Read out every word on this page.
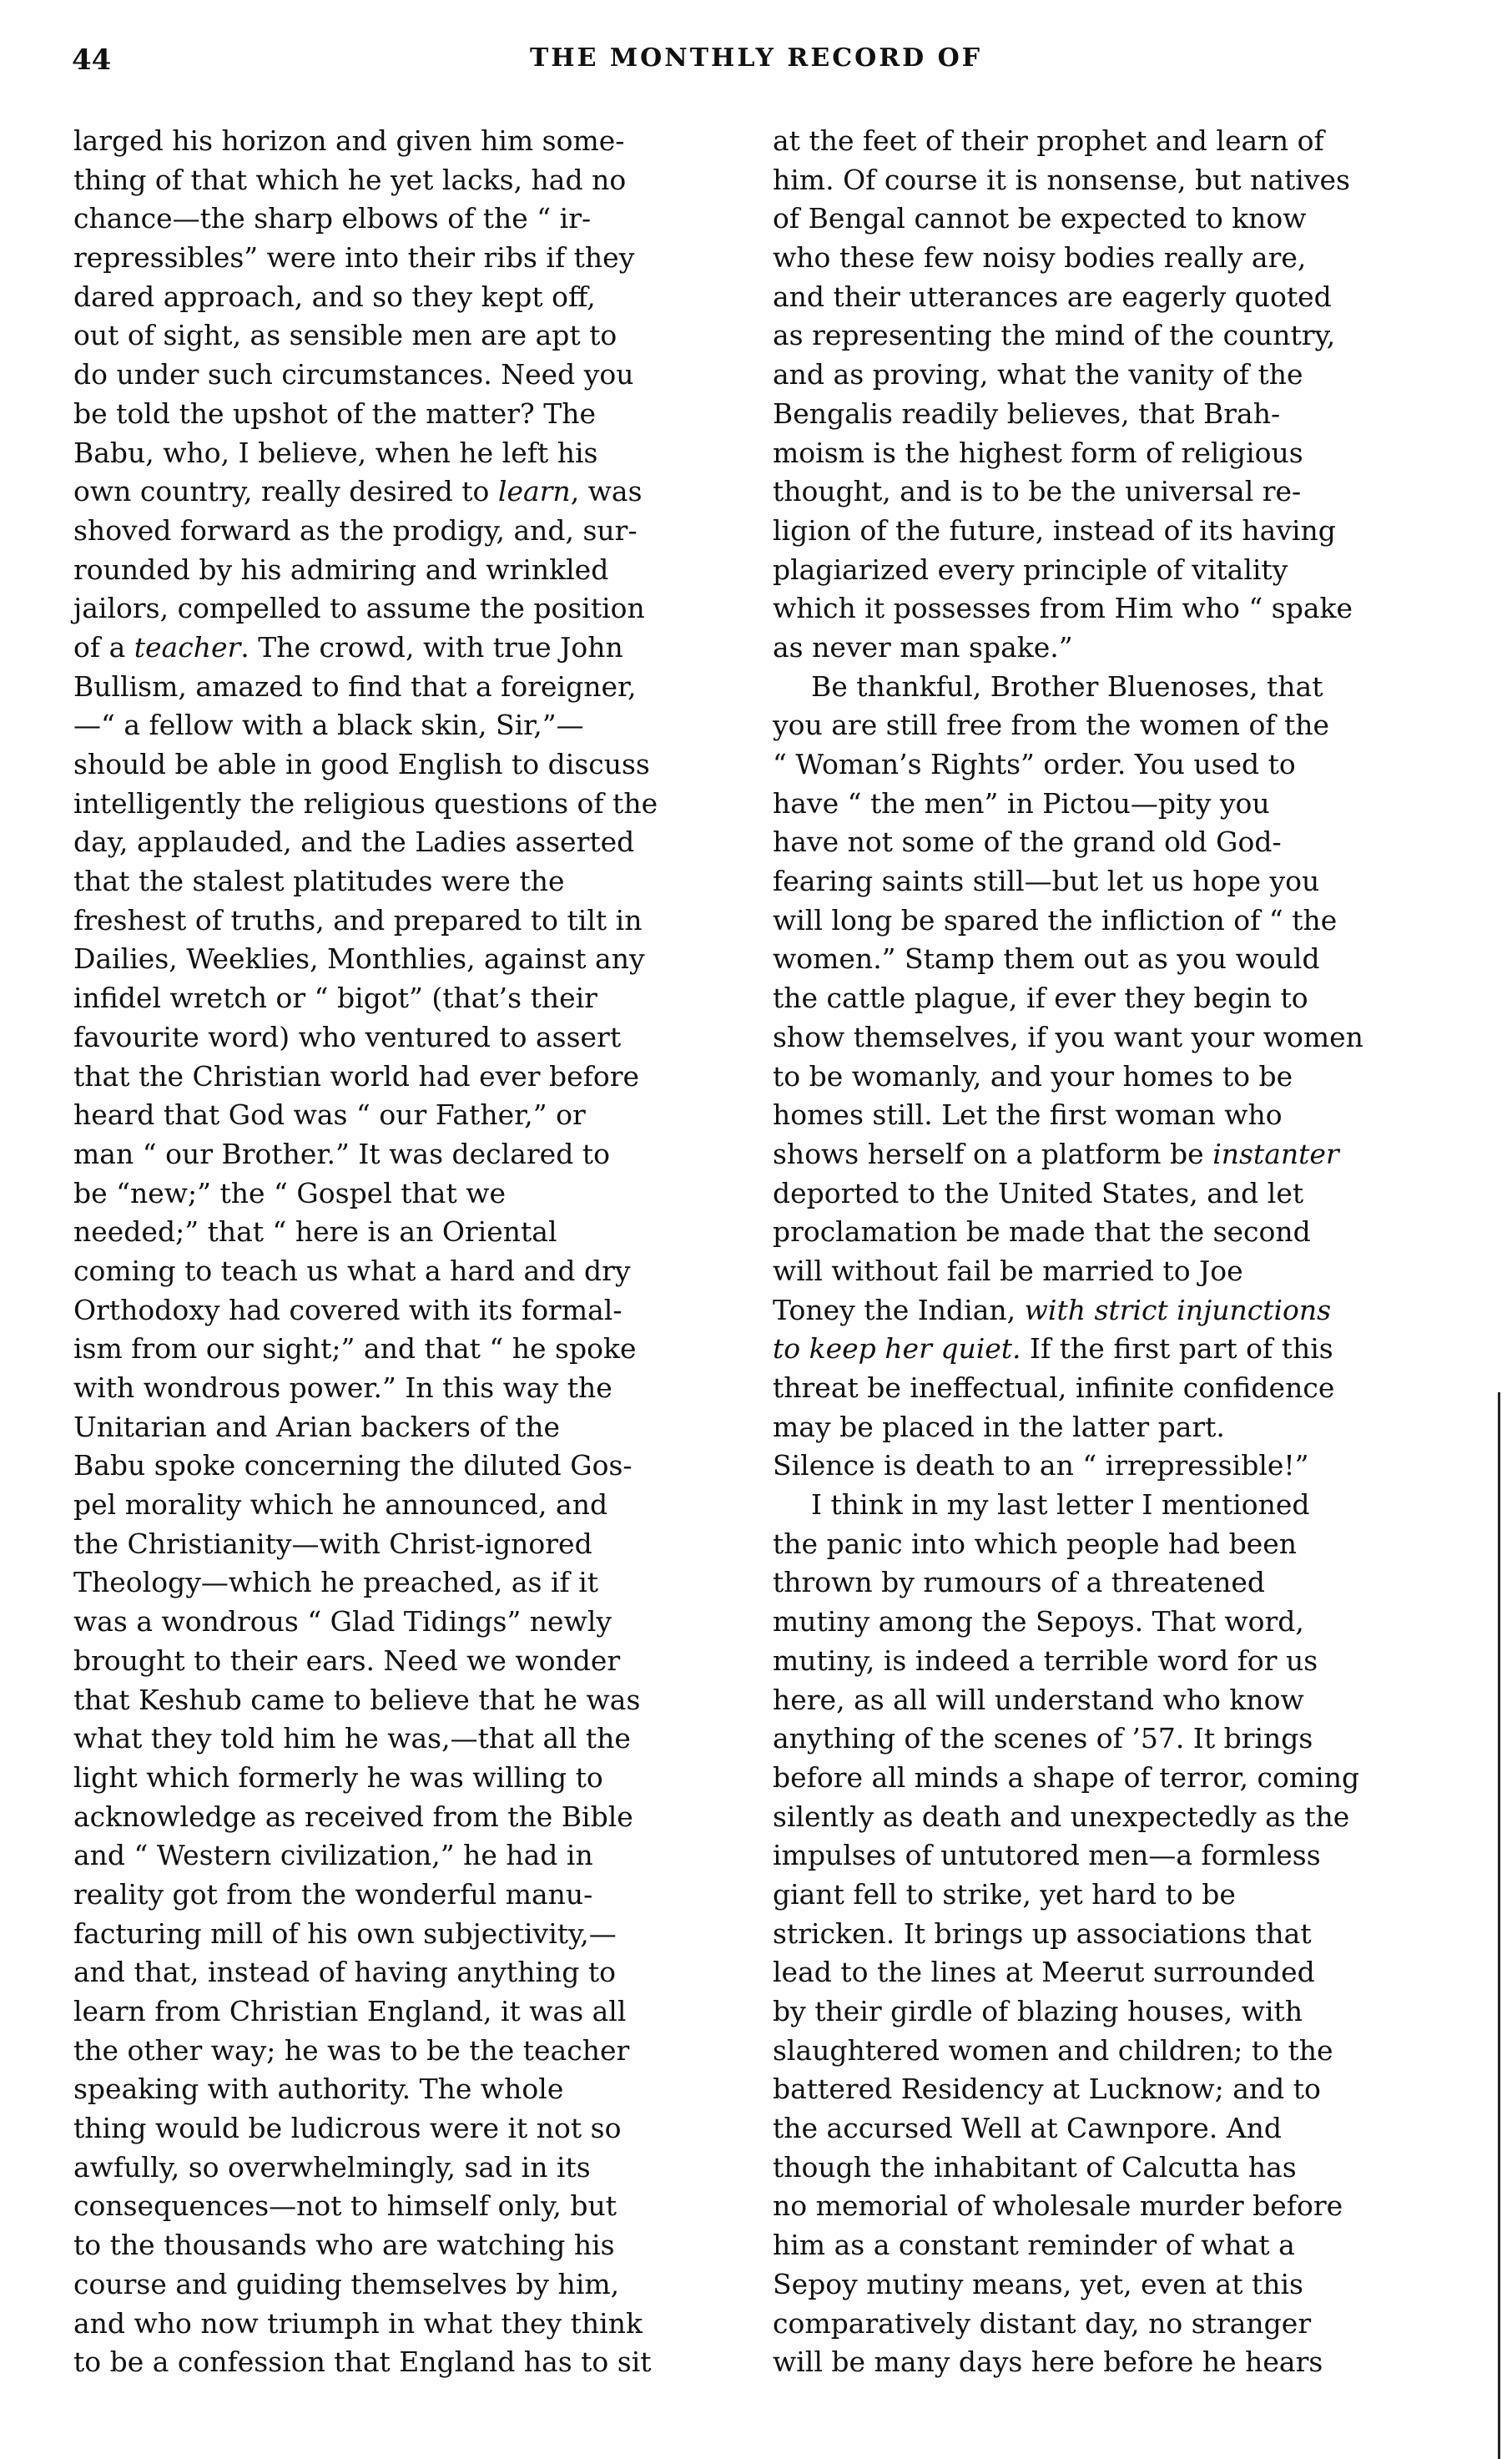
44	THE MONTHLY RECORD OF
larged his horizon and given him some-
thing of that which he yet lacks, had no
chance—the sharp elbows of the “ ir-
repressibles” were into their ribs if they
dared approach, and so they kept off,
out of sight, as sensible men are apt to
do under such circumstances. Need you
be told the upshot of the matter? The
Babu, who, I believe, when he left his
own country, really desired to learn, was
shoved forward as the prodigy, and, sur-
rounded by his admiring and wrinkled
jailors, compelled to assume the position
of a teacher. The crowd, with true John
Bullism, amazed to find that a foreigner,
—“ a fellow with a black skin, Sir,”—
should be able in good English to discuss
intelligently the religious questions of the
day, applauded, and the Ladies asserted
that the stalest platitudes were the
freshest of truths, and prepared to tilt in
Dailies, Weeklies, Monthlies, against any
infidel wretch or “ bigot” (that’s their
favourite word) who ventured to assert
that the Christian world had ever before
heard that God was “ our Father,” or
man “ our Brother.” It was declared to
be “new;” the “ Gospel that we
needed;” that “ here is an Oriental
coming to teach us what a hard and dry
Orthodoxy had covered with its formal-
ism from our sight;” and that “ he spoke
with wondrous power.” In this way the
Unitarian and Arian backers of the
Babu spoke concerning the diluted Gos-
pel morality which he announced, and
the Christianity—with Christ-ignored
Theology—which he preached, as if it
was a wondrous “ Glad Tidings” newly
brought to their ears. Need we wonder
that Keshub came to believe that he was
what they told him he was,—that all the
light which formerly he was willing to
acknowledge as received from the Bible
and “ Western civilization,” he had in
reality got from the wonderful manu-
facturing mill of his own subjectivity,—
and that, instead of having anything to
learn from Christian England, it was all
the other way; he was to be the teacher
speaking with authority. The whole
thing would be ludicrous were it not so
awfully, so overwhelmingly, sad in its
consequences—not to himself only, but
to the thousands who are watching his
course and guiding themselves by him,
and who now triumph in what they think
to be a confession that England has to sit
at the feet of their prophet and learn of
him. Of course it is nonsense, but natives
of Bengal cannot be expected to know
who these few noisy bodies really are,
and their utterances are eagerly quoted
as representing the mind of the country,
and as proving, what the vanity of the
Bengalis readily believes, that Brah-
moism is the highest form of religious
thought, and is to be the universal re-
ligion of the future, instead of its having
plagiarized every principle of vitality
which it possesses from Him who “ spake
as never man spake.”
Be thankful, Brother Bluenoses, that
you are still free from the women of the
“ Woman’s Rights” order. You used to
have “ the men” in Pictou—pity you
have not some of the grand old God-
fearing saints still—but let us hope you
will long be spared the infliction of “ the
women.” Stamp them out as you would
the cattle plague, if ever they begin to
show themselves, if you want your women
to be womanly, and your homes to be
homes still. Let the first woman who
shows herself on a platform be instanter
deported to the United States, and let
proclamation be made that the second
will without fail be married to Joe
Toney the Indian, with strict injunctions
to keep her quiet. If the first part of this
threat be ineffectual, infinite confidence
may be placed in the latter part.
Silence is death to an “ irrepressible!”
I think in my last letter I mentioned
the panic into which people had been
thrown by rumours of a threatened
mutiny among the Sepoys. That word,
mutiny, is indeed a terrible word for us
here, as all will understand who know
anything of the scenes of ’57. It brings
before all minds a shape of terror, coming
silently as death and unexpectedly as the
impulses of untutored men—a formless
giant fell to strike, yet hard to be
stricken. It brings up associations that
lead to the lines at Meerut surrounded
by their girdle of blazing houses, with
slaughtered women and children; to the
battered Residency at Lucknow; and to
the accursed Well at Cawnpore. And
though the inhabitant of Calcutta has
no memorial of wholesale murder before
him as a constant reminder of what a
Sepoy mutiny means, yet, even at this
comparatively distant day, no stranger
will be many days here before he hears
